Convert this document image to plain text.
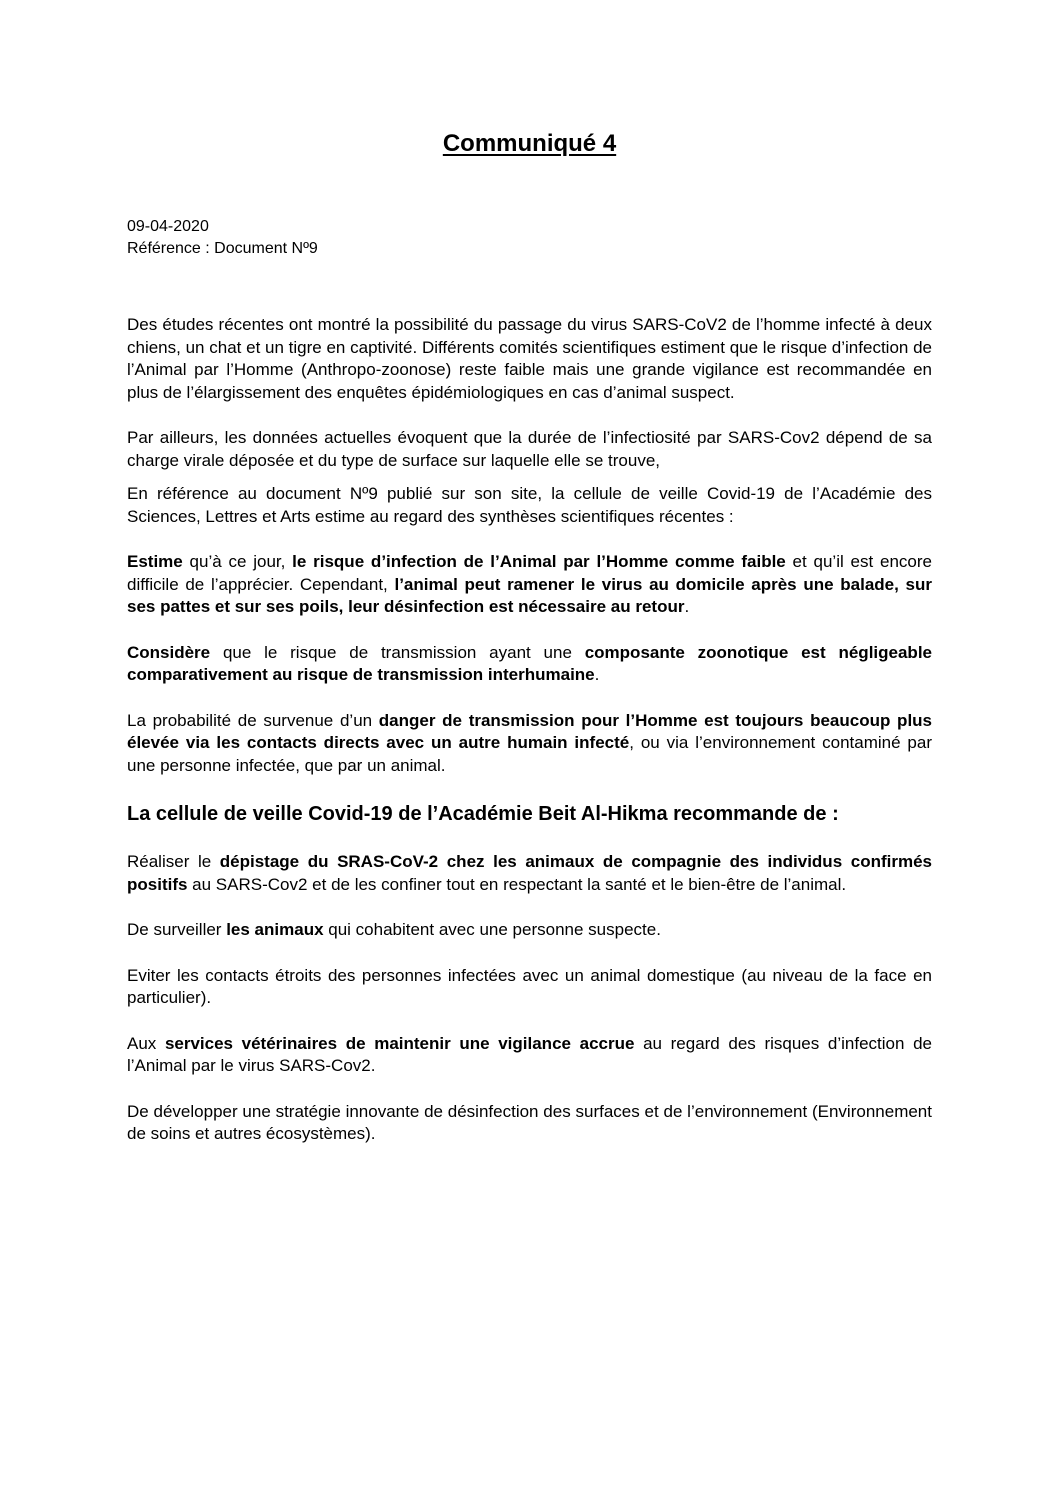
Communiqué 4
09-04-2020
Référence : Document Nº9

Des études récentes ont montré la possibilité du passage du virus SARS-CoV2 de l’homme infecté à deux chiens, un chat et un tigre en captivité. Différents comités scientifiques estiment que le risque d’infection de l’Animal par l’Homme (Anthropo-zoonose) reste faible mais une grande vigilance est recommandée en plus de l’élargissement des enquêtes épidémiologiques en cas d’animal suspect.

Par ailleurs, les données actuelles évoquent que la durée de l’infectiosité par SARS-Cov2 dépend de sa charge virale déposée et du type de surface sur laquelle elle se trouve,

En référence au document Nº9 publié sur son site, la cellule de veille Covid-19 de l’Académie des Sciences, Lettres et Arts estime au regard des synthèses scientifiques récentes :

Estime qu’à ce jour, le risque d’infection de l’Animal par l’Homme comme faible et qu’il est encore difficile de l’apprécier. Cependant, l’animal peut ramener le virus au domicile après une balade, sur ses pattes et sur ses poils, leur désinfection est nécessaire au retour.

Considère que le risque de transmission ayant une composante zoonotique est négligeable comparativement au risque de transmission interhumaine.

La probabilité de survenue d’un danger de transmission pour l’Homme est toujours beaucoup plus élevée via les contacts directs avec un autre humain infecté, ou via l’environnement contaminé par une personne infectée, que par un animal.

La cellule de veille Covid-19 de l’Académie Beit Al-Hikma recommande de :

Réaliser le dépistage du SRAS-CoV-2 chez les animaux de compagnie des individus confirmés positifs au SARS-Cov2 et de les confiner tout en respectant la santé et le bien-être de l’animal.

De surveiller les animaux qui cohabitent avec une personne suspecte.

Eviter les contacts étroits des personnes infectées avec un animal domestique (au niveau de la face en particulier).

Aux services vétérinaires de maintenir une vigilance accrue au regard des risques d’infection de l’Animal par le virus SARS-Cov2.

De développer une stratégie innovante de désinfection des surfaces et de l’environnement (Environnement de soins et autres écosystèmes).
